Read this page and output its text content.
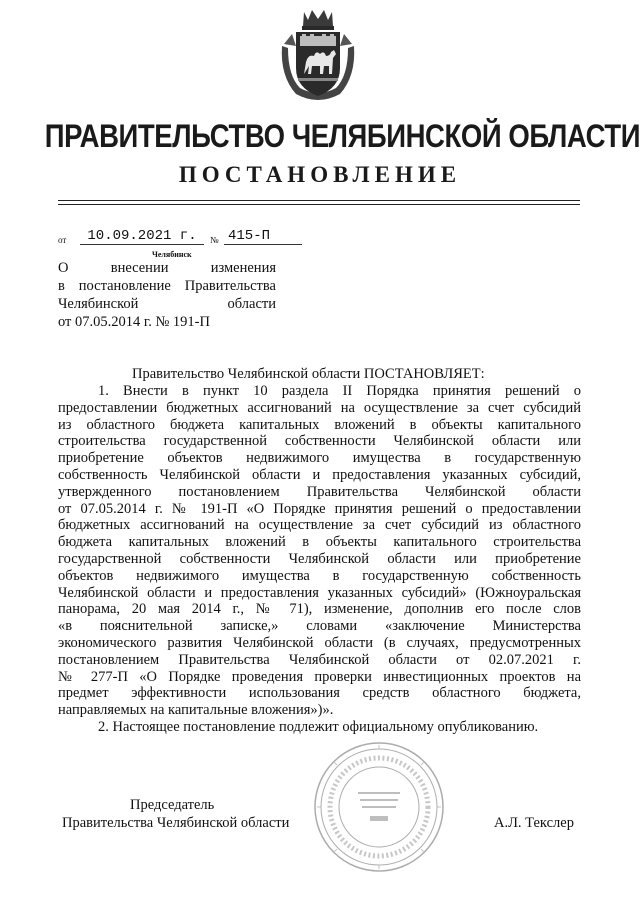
ПРАВИТЕЛЬСТВО ЧЕЛЯБИНСКОЙ ОБЛАСТИ
ПОСТАНОВЛЕНИЕ
от	10.09.2021 г.	№ 415-П
Челябинск
О внесении изменения
в постановление Правительства
Челябинской области
от 07.05.2014 г. № 191-П
Правительство Челябинской области ПОСТАНОВЛЯЕТ:
1. Внести в пункт 10 раздела II Порядка принятия решений о
предоставлении бюджетных ассигнований на осуществление за счет субсидий
из областного бюджета капитальных вложений в объекты капитального
строительства государственной собственности Челябинской области или
приобретение объектов недвижимого имущества в государственную
собственность Челябинской области и предоставления указанных субсидий,
утвержденного постановлением Правительства Челябинской области
от 07.05.2014 г. № 191-П «О Порядке принятия решений о предоставлении
бюджетных ассигнований на осуществление за счет субсидий из областного
бюджета капитальных вложений в объекты капитального строительства
государственной собственности Челябинской области или приобретение
объектов недвижимого имущества в государственную собственность
Челябинской области и предоставления указанных субсидий» (Южноуральская
панорама, 20 мая 2014 г., № 71), изменение, дополнив его после слов
«в пояснительной записке,» словами «заключение Министерства
экономического развития Челябинской области (в случаях, предусмотренных
постановлением Правительства Челябинской области от 02.07.2021 г.
№ 277-П «О Порядке проведения проверки инвестиционных проектов на
предмет эффективности использования средств областного бюджета,
направляемых на капитальные вложения»)».
2. Настоящее постановление подлежит официальному опубликованию.
Председатель
Правительства Челябинской области	А.Л. Текслер
